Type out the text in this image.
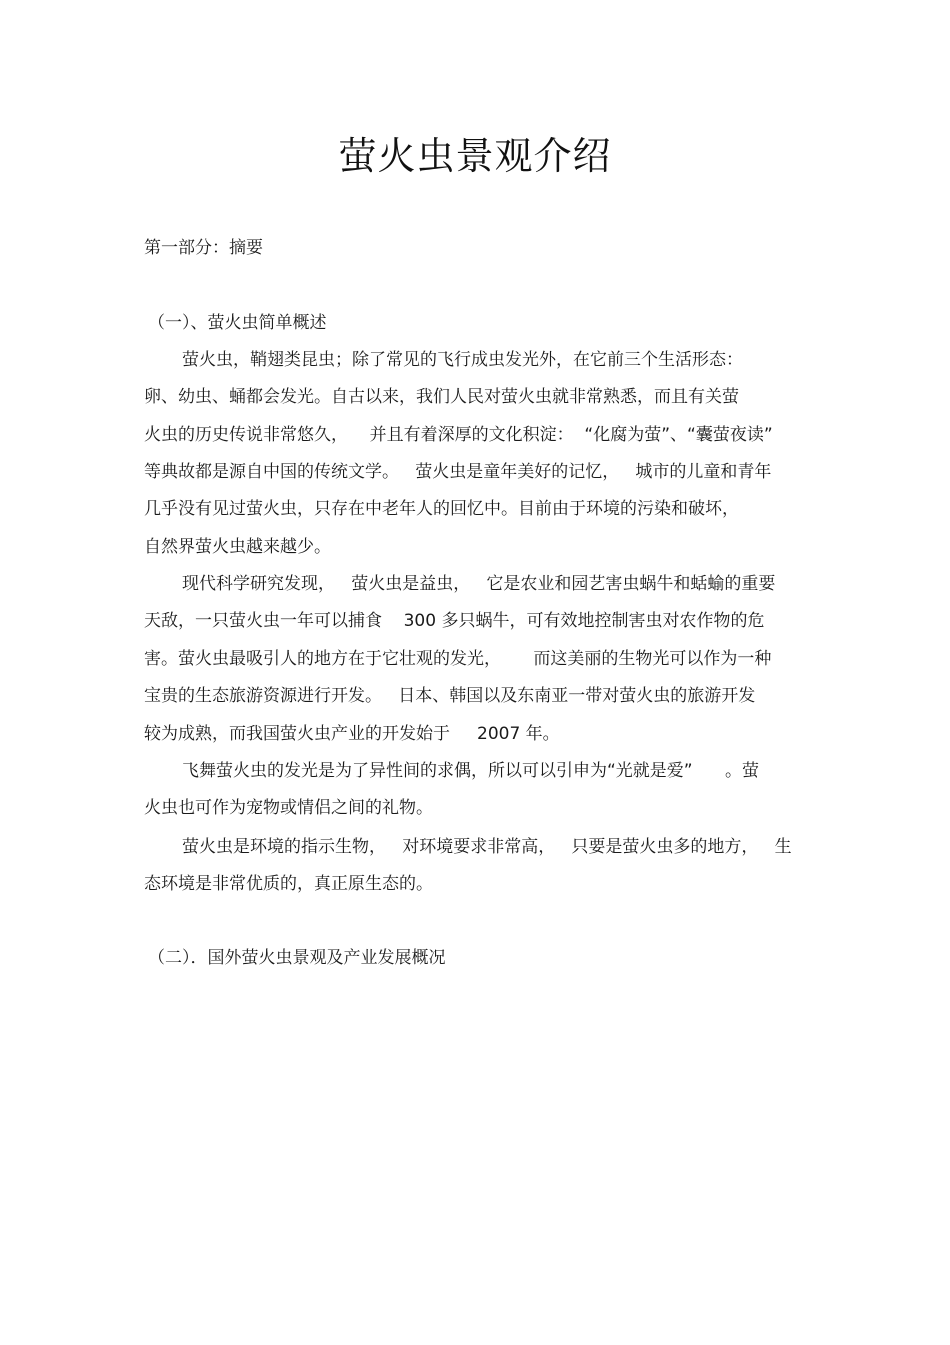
萤火虫景观介绍
第一部分：摘要
（一）、萤火虫简单概述
萤火虫，鞘翅类昆虫；除了常见的飞行成虫发光外，在它前三个生活形态：
卵、幼虫、蛹都会发光。自古以来，我们人民对萤火虫就非常熟悉，而且有关萤
火虫的历史传说非常悠久，    并且有着深厚的文化积淀：  “化腐为萤”、“囊萤夜读”
等典故都是源自中国的传统文学。   萤火虫是童年美好的记忆，   城市的儿童和青年
几乎没有见过萤火虫，只存在中老年人的回忆中。目前由于环境的污染和破坏，
自然界萤火虫越来越少。
现代科学研究发现，   萤火虫是益虫，   它是农业和园艺害虫蜗牛和蛞蝓的重要
天敌，一只萤火虫一年可以捕食    300 多只蜗牛，可有效地控制害虫对农作物的危
害。萤火虫最吸引人的地方在于它壮观的发光，      而这美丽的生物光可以作为一种
宝贵的生态旅游资源进行开发。   日本、韩国以及东南亚一带对萤火虫的旅游开发
较为成熟，而我国萤火虫产业的开发始于     2007 年。
飞舞萤火虫的发光是为了异性间的求偶，所以可以引申为“光就是爱”      。萤
火虫也可作为宠物或情侣之间的礼物。
萤火虫是环境的指示生物，   对环境要求非常高，   只要是萤火虫多的地方，   生
态环境是非常优质的，真正原生态的。
（二）．国外萤火虫景观及产业发展概况
